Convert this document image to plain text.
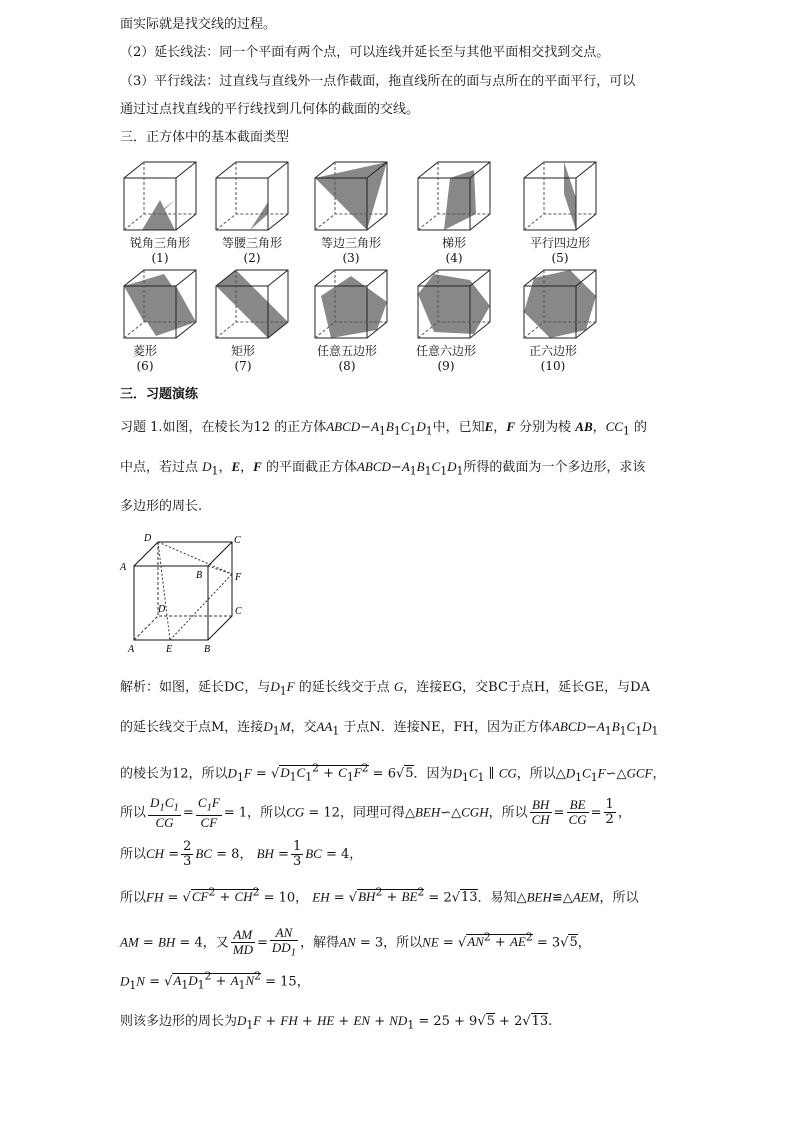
面实际就是找交线的过程。
（2）延长线法：同一个平面有两个点，可以连线并延长至与其他平面相交找到交点。
（3）平行线法：过直线与直线外一点作截面，拖直线所在的面与点所在的平面平行，可以
通过过点找直线的平行线找到几何体的截面的交线。
三．正方体中的基本截面类型
锐角三角形
(1)
等腰三角形
(2)
等边三角形
(3)
梯形
(4)
平行四边形
(5)
菱形
(6)
矩形
(7)
任意五边形
(8)
任意六边形
(9)
正六边形
(10)
三．习题演练
习题 1.如图，在棱长为12 的正方体$ABCD-A_1B_1C_1D_1$中，已知E，F 分别为棱 AB，$CC_1$ 的
中点，若过点 $D_1$，E，F 的平面截正方体$ABCD-A_1B_1C_1D_1$所得的截面为一个多边形，求该
多边形的周长.
D	C
A
B	F
C
D
A	E	B
解析：如图，延长DC，与$D_1F$ 的延长线交于点 G，连接EG，交BC于点H，延长GE，与DA
的延长线交于点M，连接$D_1M$，交$AA_1$ 于点N．连接NE，FH，因为正方体$ABCD-A_1B_1C_1D_1$
的棱长为12，所以$D_1F = √D_1C_1^2 + C_1F^2 = 6√5$．因为$D_1C_1$ ∥ CG，所以$\triangle D_1C_1F∽\triangle GCF$，
所以 $\frac{D_1C_1}{CG} = \frac{C_1F}{CF} = 1$，所以CG = 12，同理可得△BEH∽△CGH，所以 $\frac{BH}{CH} = \frac{BE}{CG} = \frac{1}{2}$ ，
所以CH = $\frac{2}{3}$ BC = 8， BH = $\frac{1}{3}$ BC = 4，
所以FH = $√CF^2 + CH^2 = 10$， EH = $√BH^2 + BE^2 = 2√13$．易知△BEH≌△AEM，所以
AM = BH = 4，又 $\frac{AM}{MD} = \frac{AN}{DD_1}$ ，解得AN = 3，所以NE = $√AN^2 + AE^2 = 3√5$，
$D_1N = √A_1D_1^2 + A_1N^2 = 15$，
则该多边形的周长为$D_1F$ + FH + HE + EN + $ND_1 = 25 + 9√5 + 2√13$.
